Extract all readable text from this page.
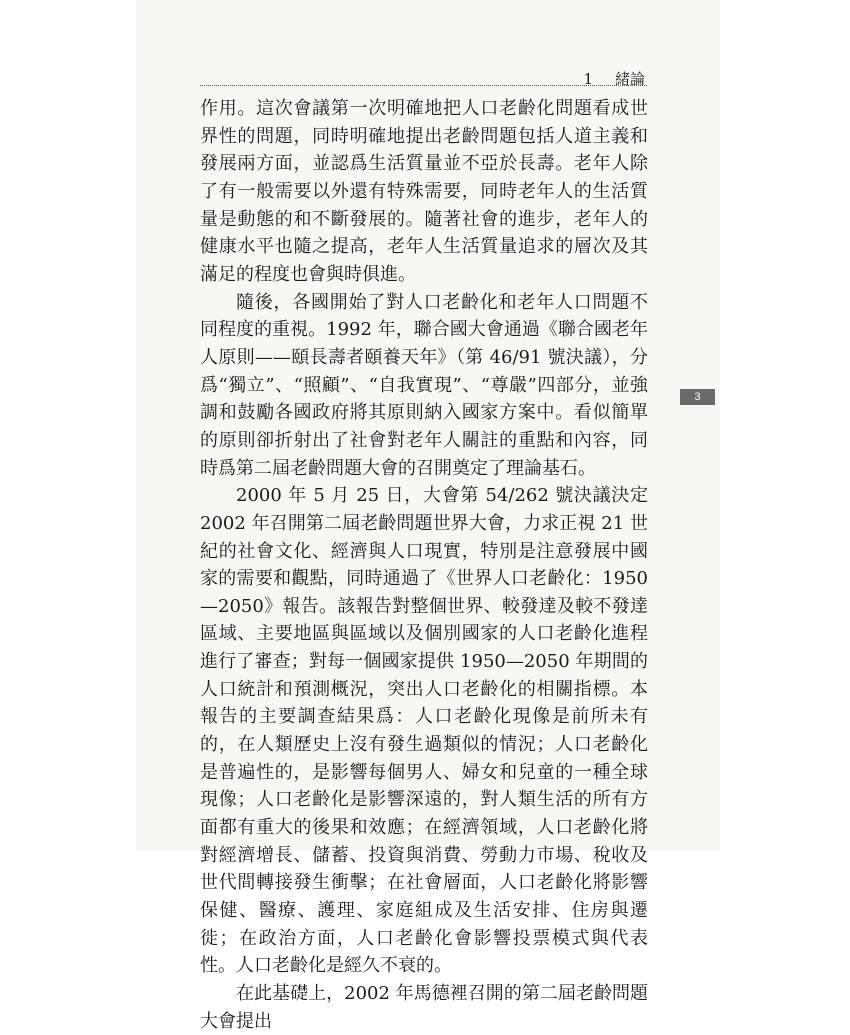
1 緒論

作用。這次會議第一次明確地把人口老齡化問題看成世界性的問題，同時明確地提出老齡問題包括人道主義和發展兩方面，並認爲生活質量並不亞於長壽。老年人除了有一般需要以外還有特殊需要，同時老年人的生活質量是動態的和不斷發展的。隨著社會的進步，老年人的健康水平也隨之提高，老年人生活質量追求的層次及其滿足的程度也會與時俱進。

隨後，各國開始了對人口老齡化和老年人口問題不同程度的重視。1992 年，聯合國大會通過《聯合國老年人原則——頤長壽者頤養天年》（第 46/91 號決議），分爲“獨立”、“照顧”、“自我實現”、“尊嚴”四部分，並強調和鼓勵各國政府將其原則納入國家方案中。看似簡單的原則卻折射出了社會對老年人關註的重點和內容，同時爲第二屆老齡問題大會的召開奠定了理論基石。

2000 年 5 月 25 日，大會第 54/262 號決議決定 2002 年召開第二屆老齡問題世界大會，力求正視 21 世紀的社會文化、經濟與人口現實，特別是注意發展中國家的需要和觀點，同時通過了《世界人口老齡化：1950—2050》報告。該報告對整個世界、較發達及較不發達區域、主要地區與區域以及個別國家的人口老齡化進程進行了審查；對每一個國家提供 1950—2050 年期間的人口統計和預測概況，突出人口老齡化的相關指標。本報告的主要調查結果爲：人口老齡化現像是前所未有的，在人類歷史上沒有發生過類似的情況；人口老齡化是普遍性的，是影響每個男人、婦女和兒童的一種全球現像；人口老齡化是影響深遠的，對人類生活的所有方面都有重大的後果和效應；在經濟領域，人口老齡化將對經濟增長、儲蓄、投資與消費、勞動力市場、稅收及世代間轉接發生衝擊；在社會層面，人口老齡化將影響保健、醫療、護理、家庭組成及生活安排、住房與遷徙；在政治方面，人口老齡化會影響投票模式與代表性。人口老齡化是經久不衰的。

在此基礎上，2002 年馬德裡召開的第二屆老齡問題大會提出

3
